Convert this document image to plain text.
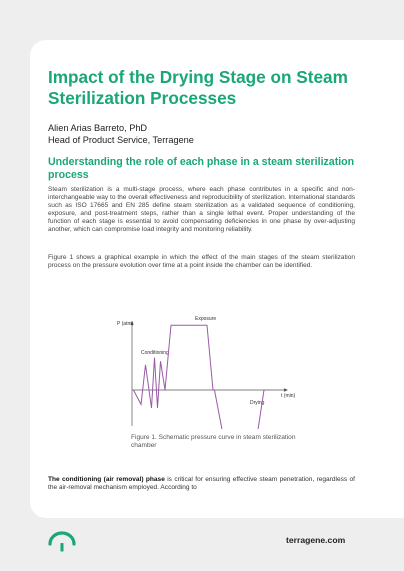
Impact of the Drying Stage on Steam Sterilization Processes
Alien Arias Barreto, PhD
Head of Product Service, Terragene
Understanding the role of each phase in a steam sterilization process

Steam sterilization is a multi-stage process, where each phase contributes in a specific and non-interchangeable way to the overall effectiveness and reproducibility of sterilization. International standards such as ISO 17665 and EN 285 define steam sterilization as a validated sequence of conditioning, exposure, and post-treatment steps, rather than a single lethal event. Proper understanding of the function of each stage is essential to avoid compensating deficiencies in one phase by over-adjusting another, which can compromise load integrity and monitoring reliability.

Figure 1 shows a graphical example in which the effect of the main stages of the steam sterilization process on the pressure evolution over time at a point inside the chamber can be identified.

P (atm)
t (min)
Conditioning
Exposure
Drying

Figure 1. Schematic pressure curve in steam sterilization chamber

The conditioning (air removal) phase is critical for ensuring effective steam penetration, regardless of the air-removal mechanism employed. According to

terragene.com
